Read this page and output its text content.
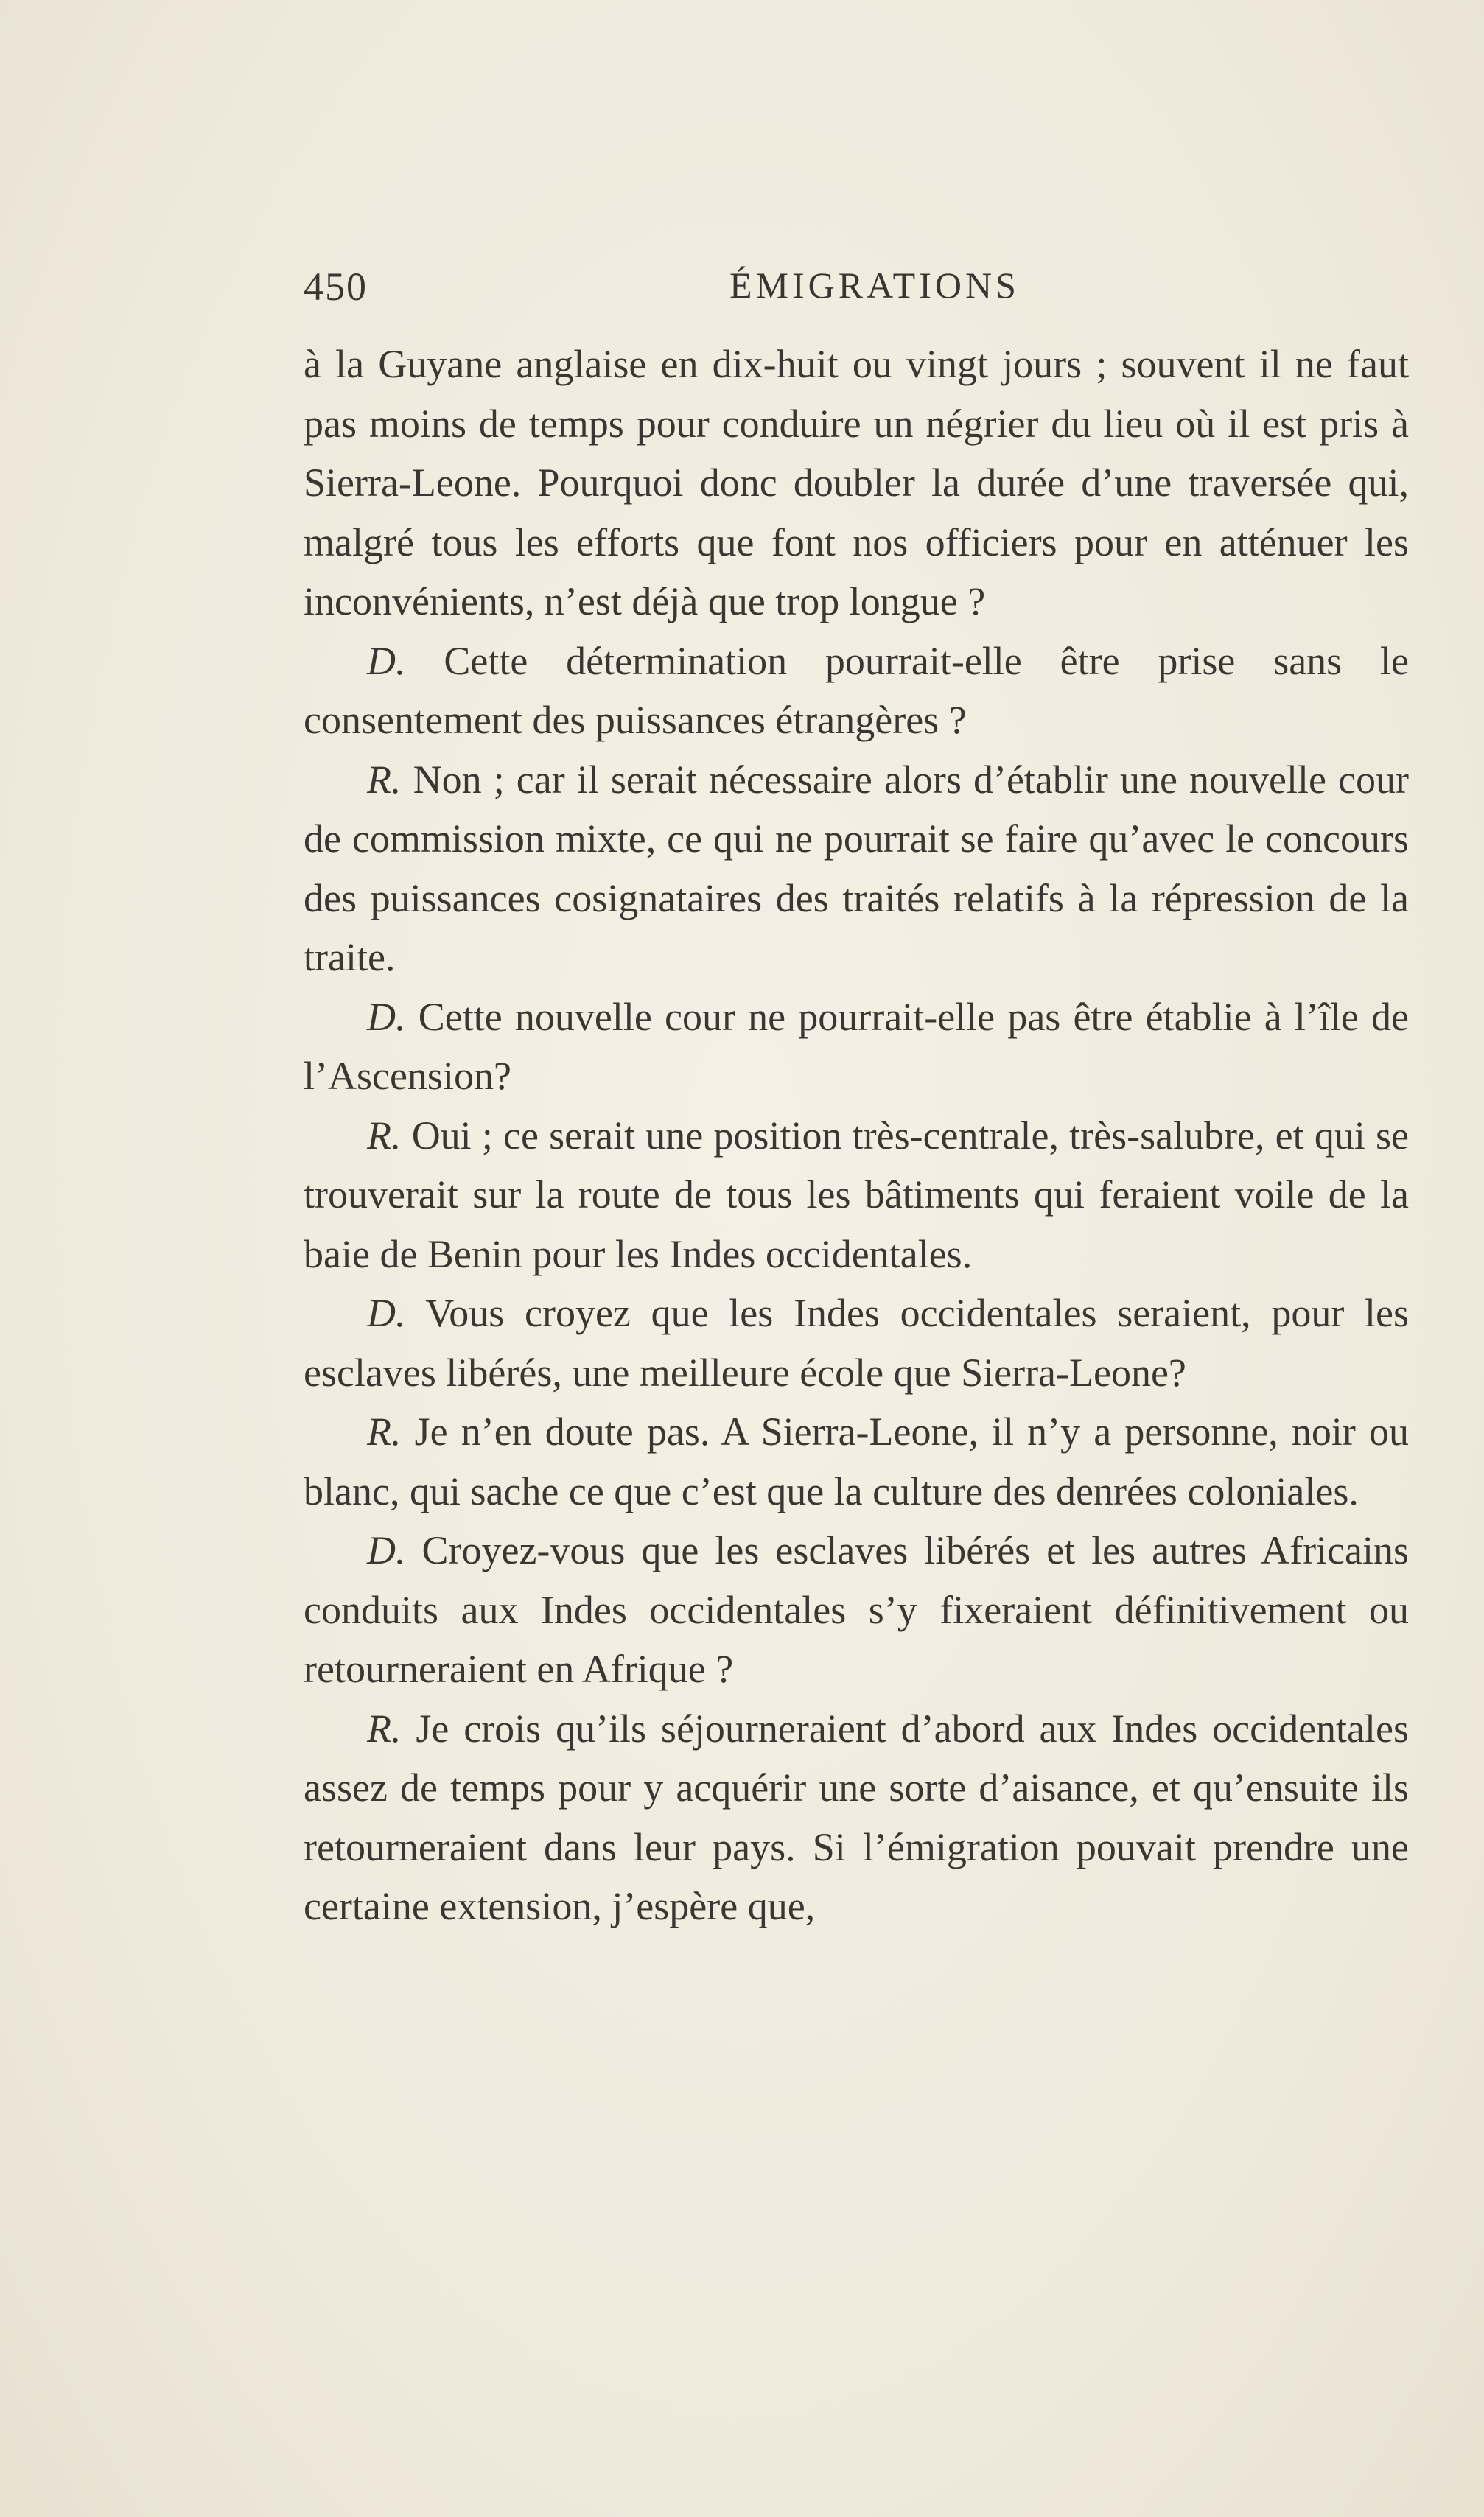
450	ÉMIGRATIONS

à la Guyane anglaise en dix-huit ou vingt jours ; souvent il ne faut pas moins de temps pour conduire un négrier du lieu où il est pris à Sierra-Leone. Pourquoi donc doubler la durée d’une traversée qui, malgré tous les efforts que font nos officiers pour en atténuer les inconvénients, n’est déjà que trop longue ?

D. Cette détermination pourrait-elle être prise sans le consentement des puissances étrangères ?

R. Non ; car il serait nécessaire alors d’établir une nouvelle cour de commission mixte, ce qui ne pourrait se faire qu’avec le concours des puissances cosignataires des traités relatifs à la répression de la traite.

D. Cette nouvelle cour ne pourrait-elle pas être établie à l’île de l’Ascension?

R. Oui ; ce serait une position très-centrale, très-salubre, et qui se trouverait sur la route de tous les bâtiments qui feraient voile de la baie de Benin pour les Indes occidentales.

D. Vous croyez que les Indes occidentales seraient, pour les esclaves libérés, une meilleure école que Sierra-Leone?

R. Je n’en doute pas. A Sierra-Leone, il n’y a personne, noir ou blanc, qui sache ce que c’est que la culture des denrées coloniales.

D. Croyez-vous que les esclaves libérés et les autres Africains conduits aux Indes occidentales s’y fixeraient définitivement ou retourneraient en Afrique ?

R. Je crois qu’ils séjourneraient d’abord aux Indes occidentales assez de temps pour y acquérir une sorte d’aisance, et qu’ensuite ils retourneraient dans leur pays. Si l’émigration pouvait prendre une certaine extension, j’espère que,
